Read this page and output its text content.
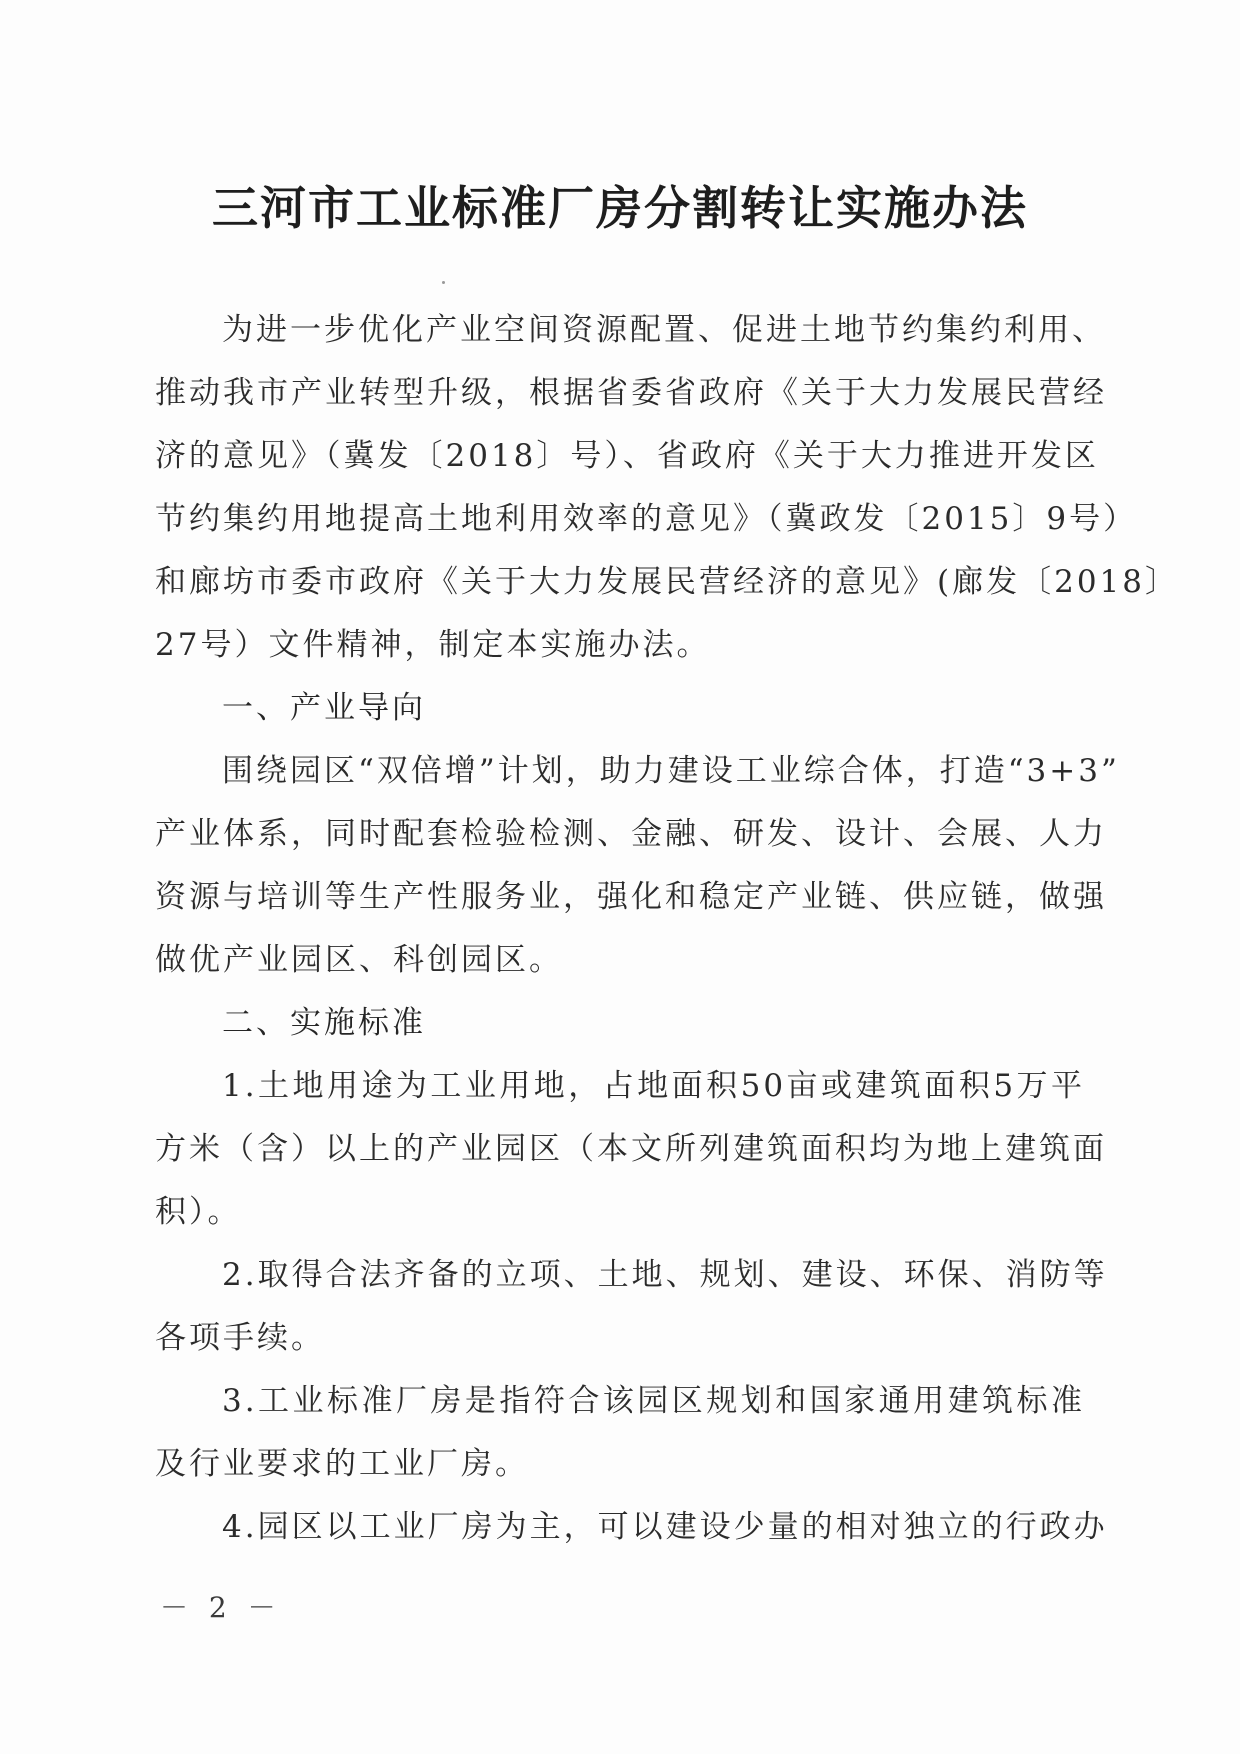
三河市工业标准厂房分割转让实施办法
为进一步优化产业空间资源配置、促进土地节约集约利用、
推动我市产业转型升级，根据省委省政府《关于大力发展民营经
济的意见》（冀发〔2018〕号）、省政府《关于大力推进开发区
节约集约用地提高土地利用效率的意见》（冀政发〔2015〕9号）
和廊坊市委市政府《关于大力发展民营经济的意见》(廊发〔2018〕
27号）文件精神，制定本实施办法。
一、产业导向
围绕园区“双倍增”计划，助力建设工业综合体，打造“3+3”
产业体系，同时配套检验检测、金融、研发、设计、会展、人力
资源与培训等生产性服务业，强化和稳定产业链、供应链，做强
做优产业园区、科创园区。
二、实施标准
1.土地用途为工业用地，占地面积50亩或建筑面积5万平
方米（含）以上的产业园区（本文所列建筑面积均为地上建筑面
积）。
2.取得合法齐备的立项、土地、规划、建设、环保、消防等
各项手续。
3.工业标准厂房是指符合该园区规划和国家通用建筑标准
及行业要求的工业厂房。
4.园区以工业厂房为主，可以建设少量的相对独立的行政办
－ 2 －
